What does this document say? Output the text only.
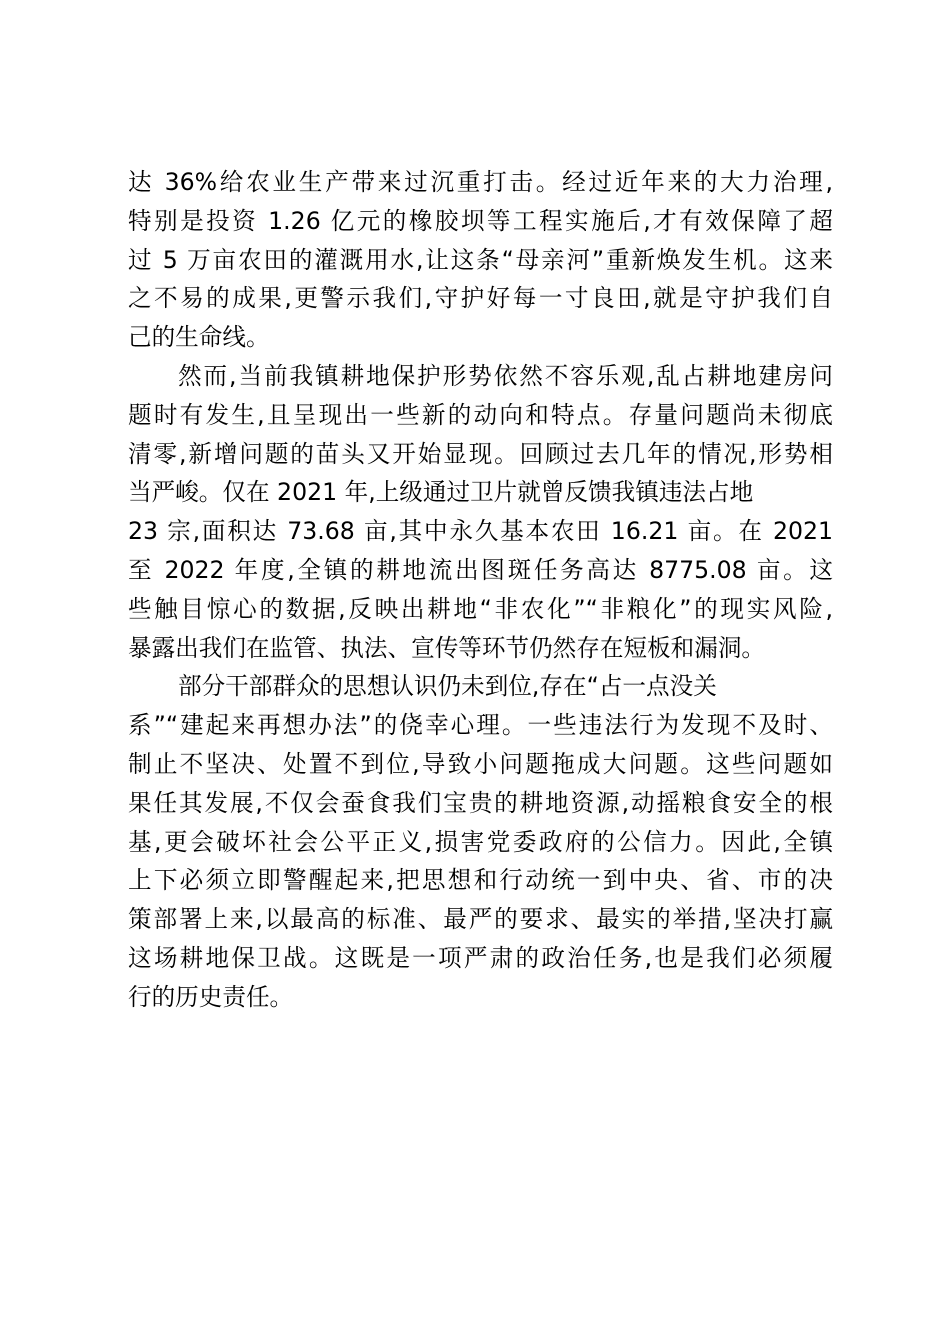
达 36%给农业生产带来过沉重打击。经过近年来的大力治理,
特别是投资 1.26 亿元的橡胶坝等工程实施后,才有效保障了超
过 5 万亩农田的灌溉用水,让这条“母亲河”重新焕发生机。这来
之不易的成果,更警示我们,守护好每一寸良田,就是守护我们自
己的生命线。
然而,当前我镇耕地保护形势依然不容乐观,乱占耕地建房问
题时有发生,且呈现出一些新的动向和特点。存量问题尚未彻底
清零,新增问题的苗头又开始显现。回顾过去几年的情况,形势相
当严峻。仅在 2021 年,上级通过卫片就曾反馈我镇违法占地
23 宗,面积达 73.68 亩,其中永久基本农田 16.21 亩。在 2021
至 2022 年度,全镇的耕地流出图斑任务高达 8775.08 亩。这
些触目惊心的数据,反映出耕地“非农化”“非粮化”的现实风险,
暴露出我们在监管、执法、宣传等环节仍然存在短板和漏洞。
部分干部群众的思想认识仍未到位,存在“占一点没关
系”“建起来再想办法”的侥幸心理。一些违法行为发现不及时、
制止不坚决、处置不到位,导致小问题拖成大问题。这些问题如
果任其发展,不仅会蚕食我们宝贵的耕地资源,动摇粮食安全的根
基,更会破坏社会公平正义,损害党委政府的公信力。因此,全镇
上下必须立即警醒起来,把思想和行动统一到中央、省、市的决
策部署上来,以最高的标准、最严的要求、最实的举措,坚决打赢
这场耕地保卫战。这既是一项严肃的政治任务,也是我们必须履
行的历史责任。
